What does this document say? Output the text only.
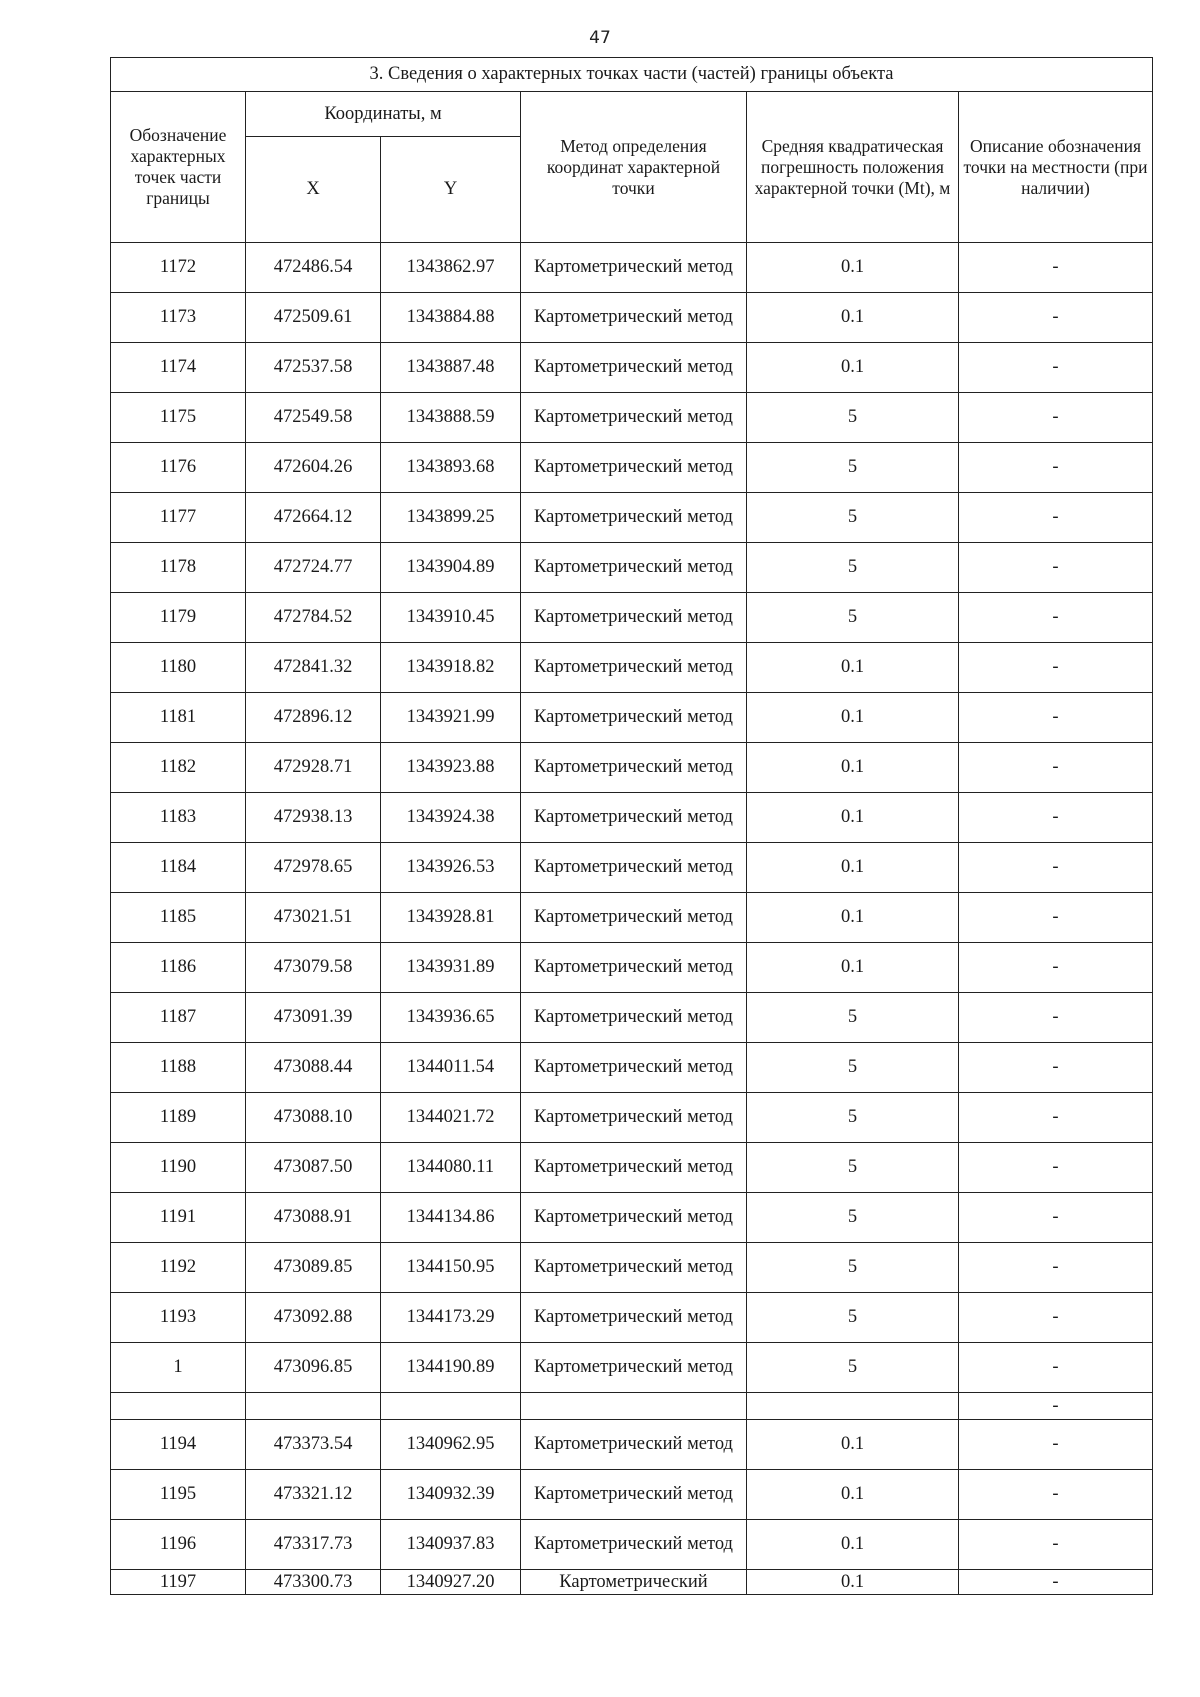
47
3. Сведения о характерных точках части (частей) границы объекта					
Обозначение характерных точек части границы	Координаты, м		Метод определения координат характерной точки	Средняя квадратическая погрешность положения характерной точки (Mt), м	Описание обозначения точки на местности (при наличии)
	X	Y			
1172	472486.54	1343862.97	Картометрический метод	0.1	-
1173	472509.61	1343884.88	Картометрический метод	0.1	-
1174	472537.58	1343887.48	Картометрический метод	0.1	-
1175	472549.58	1343888.59	Картометрический метод	5	-
1176	472604.26	1343893.68	Картометрический метод	5	-
1177	472664.12	1343899.25	Картометрический метод	5	-
1178	472724.77	1343904.89	Картометрический метод	5	-
1179	472784.52	1343910.45	Картометрический метод	5	-
1180	472841.32	1343918.82	Картометрический метод	0.1	-
1181	472896.12	1343921.99	Картометрический метод	0.1	-
1182	472928.71	1343923.88	Картометрический метод	0.1	-
1183	472938.13	1343924.38	Картометрический метод	0.1	-
1184	472978.65	1343926.53	Картометрический метод	0.1	-
1185	473021.51	1343928.81	Картометрический метод	0.1	-
1186	473079.58	1343931.89	Картометрический метод	0.1	-
1187	473091.39	1343936.65	Картометрический метод	5	-
1188	473088.44	1344011.54	Картометрический метод	5	-
1189	473088.10	1344021.72	Картометрический метод	5	-
1190	473087.50	1344080.11	Картометрический метод	5	-
1191	473088.91	1344134.86	Картометрический метод	5	-
1192	473089.85	1344150.95	Картометрический метод	5	-
1193	473092.88	1344173.29	Картометрический метод	5	-
1	473096.85	1344190.89	Картометрический метод	5	-
					-
1194	473373.54	1340962.95	Картометрический метод	0.1	-
1195	473321.12	1340932.39	Картометрический метод	0.1	-
1196	473317.73	1340937.83	Картометрический метод	0.1	-
1197	473300.73	1340927.20	Картометрический	0.1	-
